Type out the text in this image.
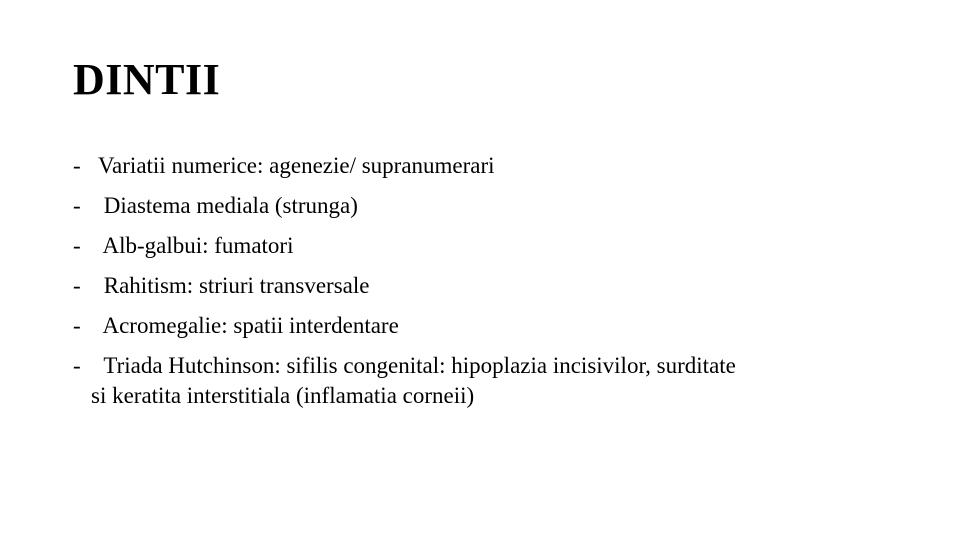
DINTII
- Variatii numerice: agenezie/ supranumerari
- Diastema mediala (strunga)
- Alb-galbui: fumatori
- Rahitism: striuri transversale
- Acromegalie: spatii interdentare
- Triada Hutchinson: sifilis congenital: hipoplazia incisivilor, surditate
si keratita interstitiala (inflamatia corneii)
